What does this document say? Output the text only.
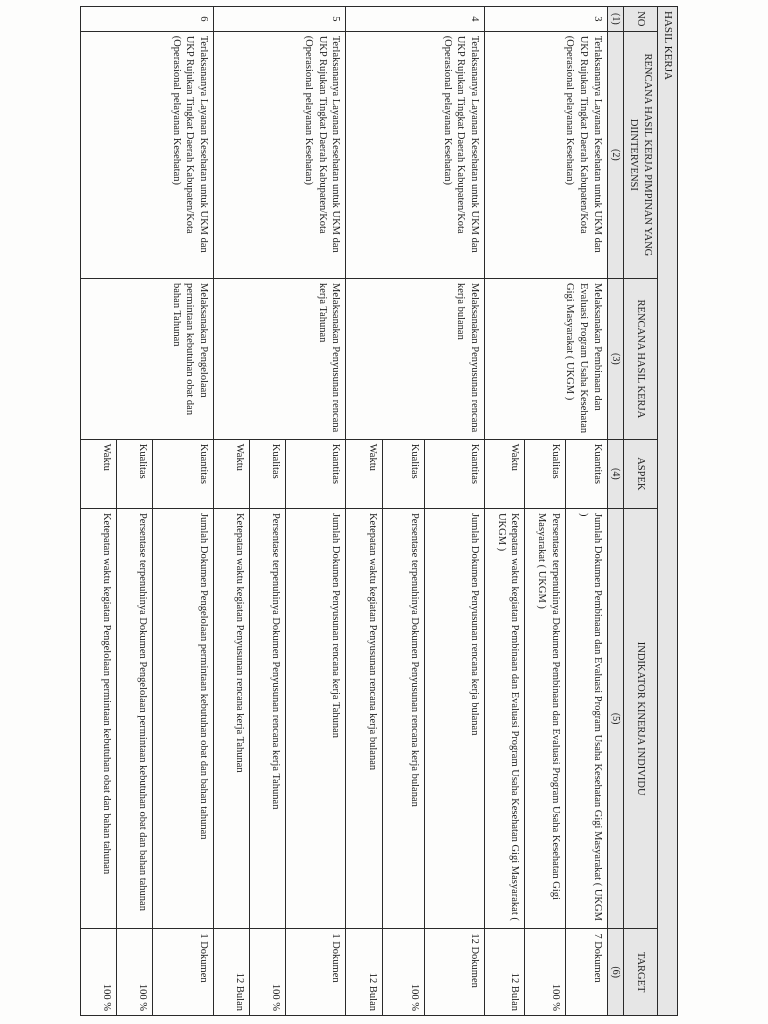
HASIL KERJA					
NO	RENCANA HASIL KERJA PIMPINAN YANG DIINTERVENSI	RENCANA HASIL KERJA	ASPEK	INDIKATOR KINERJA INDIVIDU	TARGET
(1)	(2)	(3)	(4)	(5)	(6)
3	Terlaksananya Layanan Kesehatan untuk UKM dan UKP Rujukan Tingkat Daerah Kabupaten/Kota (Operasional pelayanan Kesehatan)	Melaksanakan Pembinaan dan Evaluasi Program Usaha Kesehatan Gigi Masyarakat ( UKGM )	Kuantitas	Jumlah Dokumen Pembinaan dan Evaluasi Program Usaha Kesehatan Gigi Masyarakat ( UKGM )	7 Dokumen
			Kualitas	Persentase terpenuhinya Dokumen Pembinaan dan Evaluasi Program Usaha Kesehatan Gigi Masyarakat ( UKGM )	100 %
			Waktu	Ketepatan waktu kegiatan Pembinaan dan Evaluasi Program Usaha Kesehatan Gigi Masyarakat ( UKGM )	12 Bulan
4	Terlaksananya Layanan Kesehatan untuk UKM dan UKP Rujukan Tingkat Daerah Kabupaten/Kota (Operasional pelayanan Kesehatan)	Melaksanakan Penyusunan rencana kerja bulanan	Kuantitas	Jumlah Dokumen Penyusunan rencana kerja bulanan	12 Dokumen
			Kualitas	Persentase terpenuhinya Dokumen Penyusunan rencana kerja bulanan	100 %
			Waktu	Ketepatan waktu kegiatan Penyusunan rencana kerja bulanan	12 Bulan
5	Terlaksananya Layanan Kesehatan untuk UKM dan UKP Rujukan Tingkat Daerah Kabupaten/Kota (Operasional pelayanan Kesehatan)	Melaksanakan Penyusunan rencana kerja Tahunan	Kuantitas	Jumlah Dokumen Penyusunan rencana kerja Tahunan	1 Dokumen
			Kualitas	Persentase terpenuhinya Dokumen Penyusunan rencana kerja Tahunan	100 %
			Waktu	Ketepatan waktu kegiatan Penyusunan rencana kerja Tahunan	12 Bulan
6	Terlaksananya Layanan Kesehatan untuk UKM dan UKP Rujukan Tingkat Daerah Kabupaten/Kota (Operasional pelayanan Kesehatan)	Melaksanakan Pengelolaan permintaan kebutuhan obat dan bahan Tahunan	Kuantitas	Jumlah Dokumen Pengelolaan permintaan kebutuhan obat dan bahan tahunan	1 Dokumen
			Kualitas	Persentase terpenuhinya Dokumen Pengelolaan permintaan kebutuhan obat dan bahan tahunan	100 %
			Waktu	Ketepatan waktu kegiatan Pengelolaan permintaan kebutuhan obat dan bahan tahunan	100 %
